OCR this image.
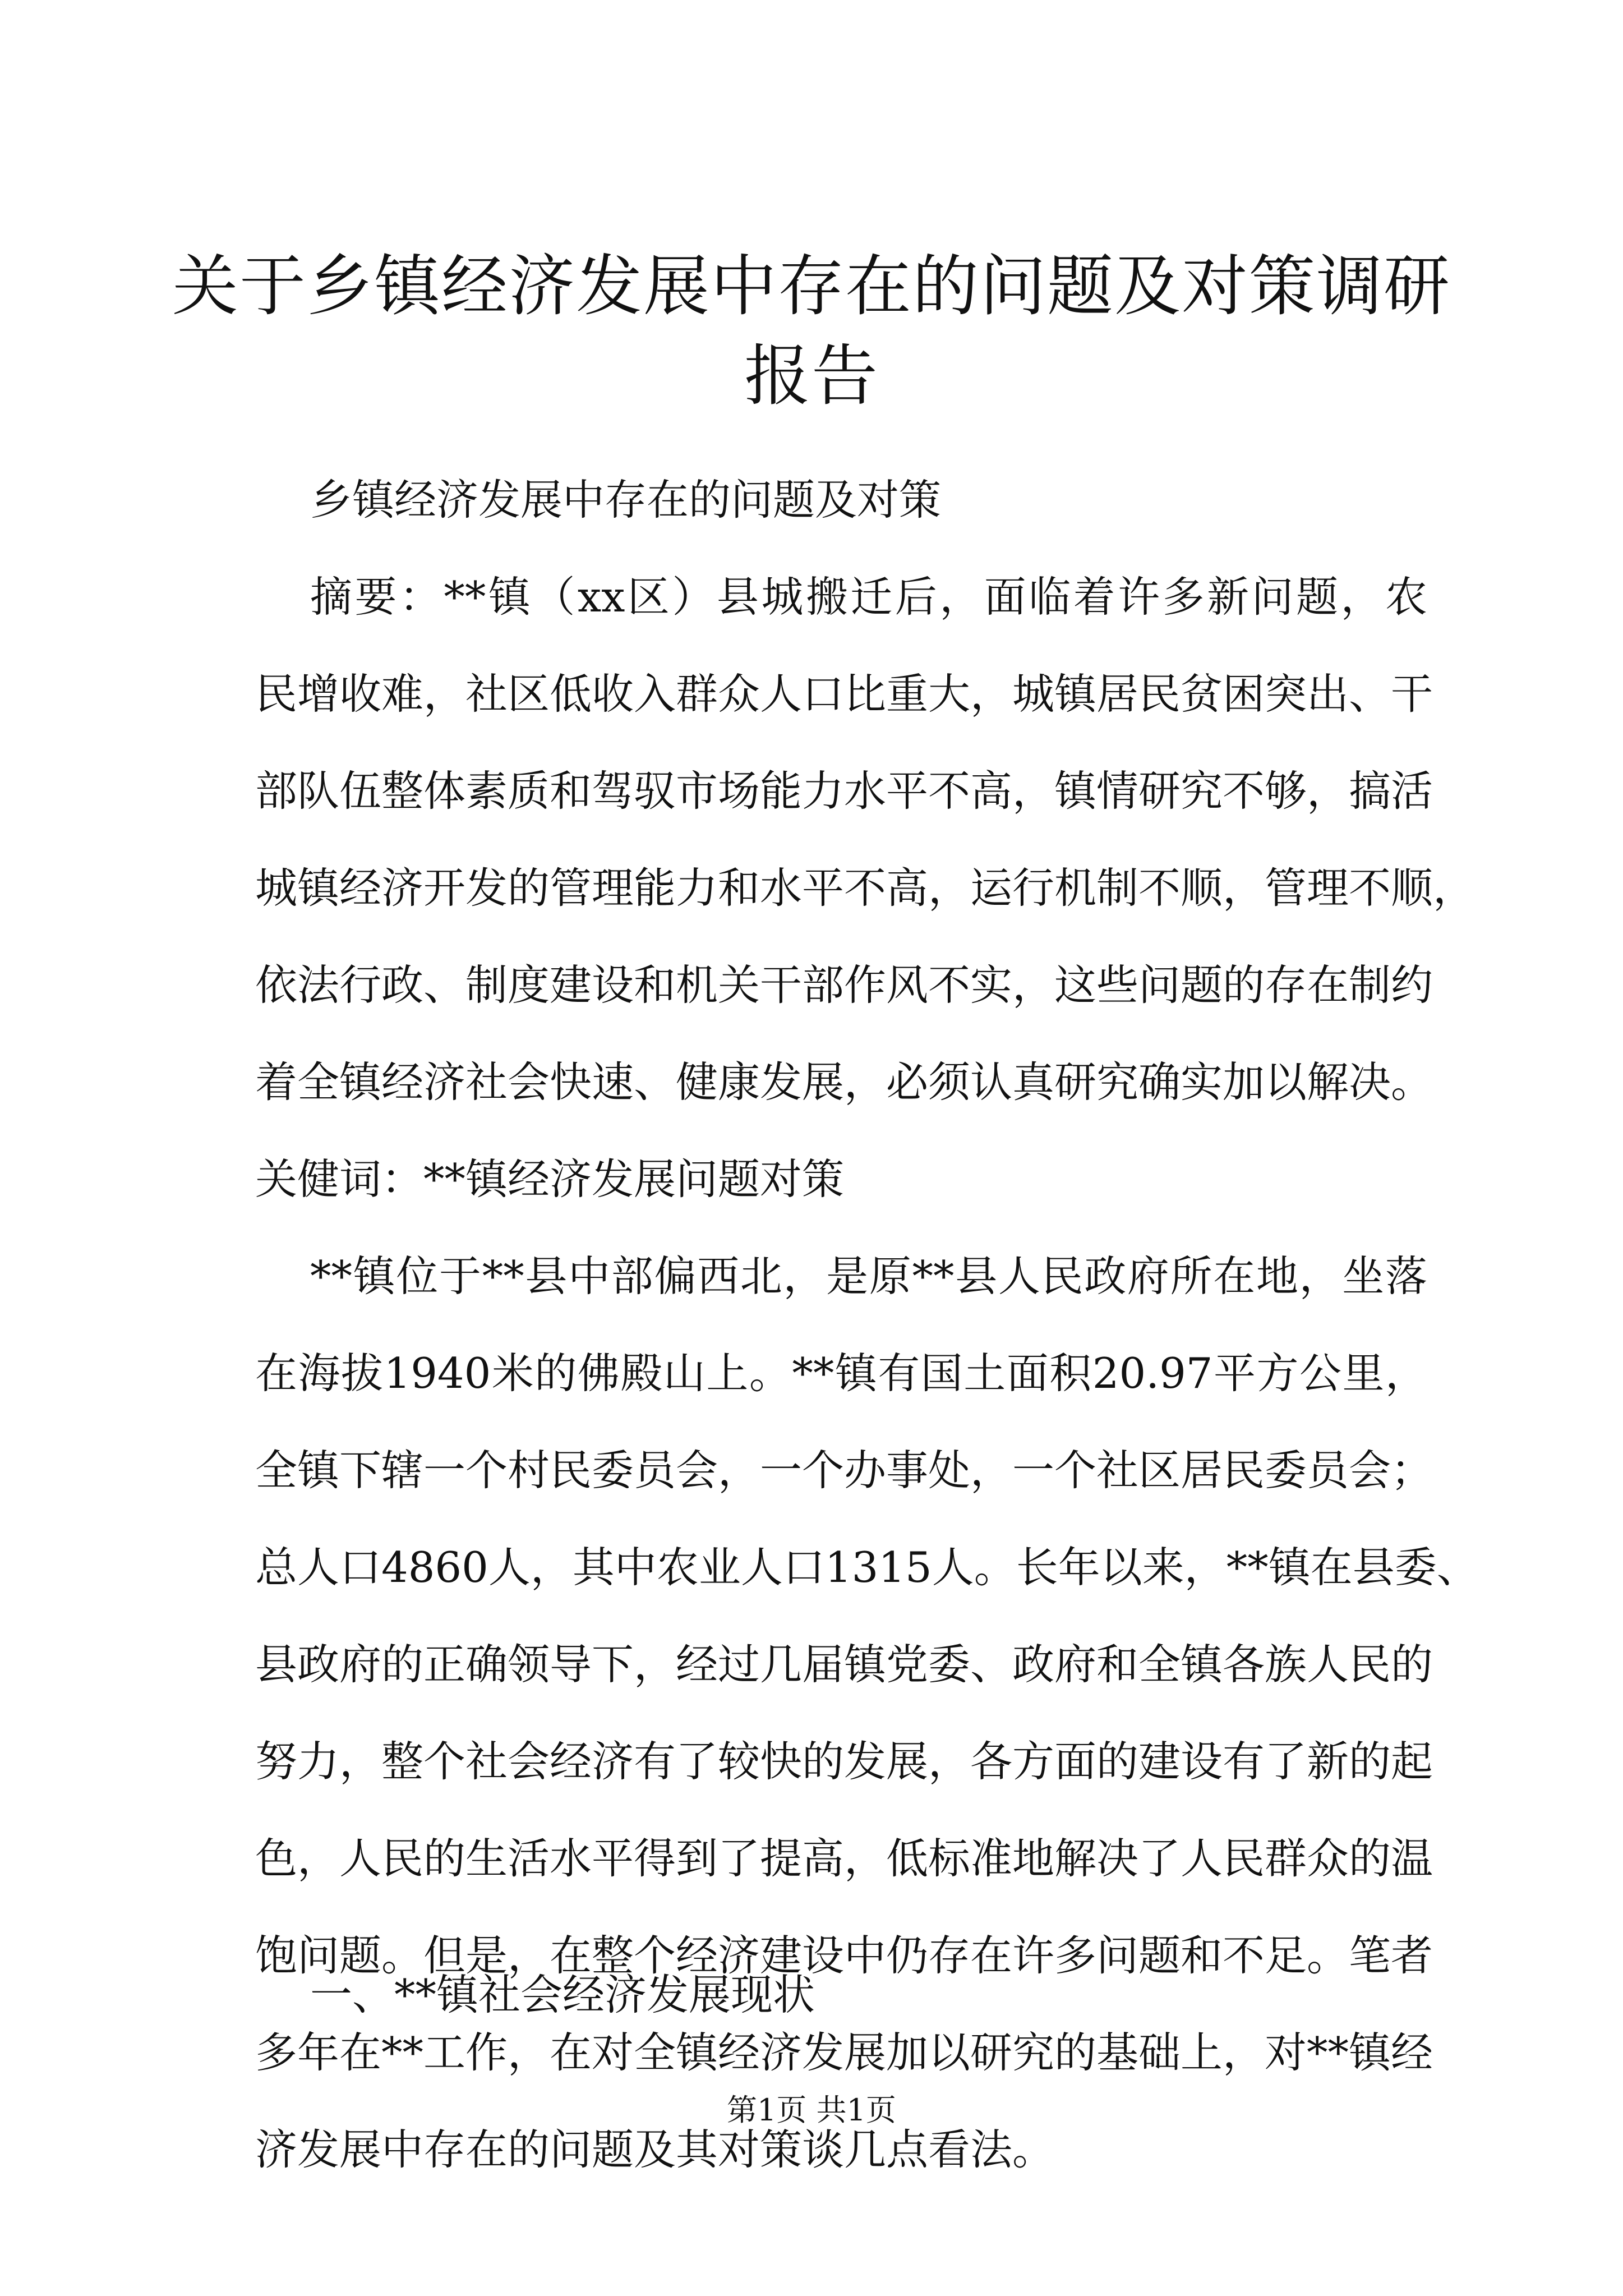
关于乡镇经济发展中存在的问题及对策调研报告
乡镇经济发展中存在的问题及对策
摘要：**镇（xx区）县城搬迁后，面临着许多新问题，农
民增收难，社区低收入群众人口比重大，城镇居民贫困突出、干
部队伍整体素质和驾驭市场能力水平不高，镇情研究不够，搞活
城镇经济开发的管理能力和水平不高，运行机制不顺，管理不顺，
依法行政、制度建设和机关干部作风不实，这些问题的存在制约
着全镇经济社会快速、健康发展，必须认真研究确实加以解决。
关健词：**镇经济发展问题对策
**镇位于**县中部偏西北，是原**县人民政府所在地，坐落
在海拔1940米的佛殿山上。**镇有国土面积20.97平方公里，
全镇下辖一个村民委员会，一个办事处，一个社区居民委员会；
总人口4860人，其中农业人口1315人。长年以来，**镇在县委、
县政府的正确领导下，经过几届镇党委、政府和全镇各族人民的
努力，整个社会经济有了较快的发展，各方面的建设有了新的起
色，人民的生活水平得到了提高，低标准地解决了人民群众的温
饱问题。但是，在整个经济建设中仍存在许多问题和不足。笔者
多年在**工作，在对全镇经济发展加以研究的基础上，对**镇经
济发展中存在的问题及其对策谈几点看法。
第1页 共1页
一、**镇社会经济发展现状
